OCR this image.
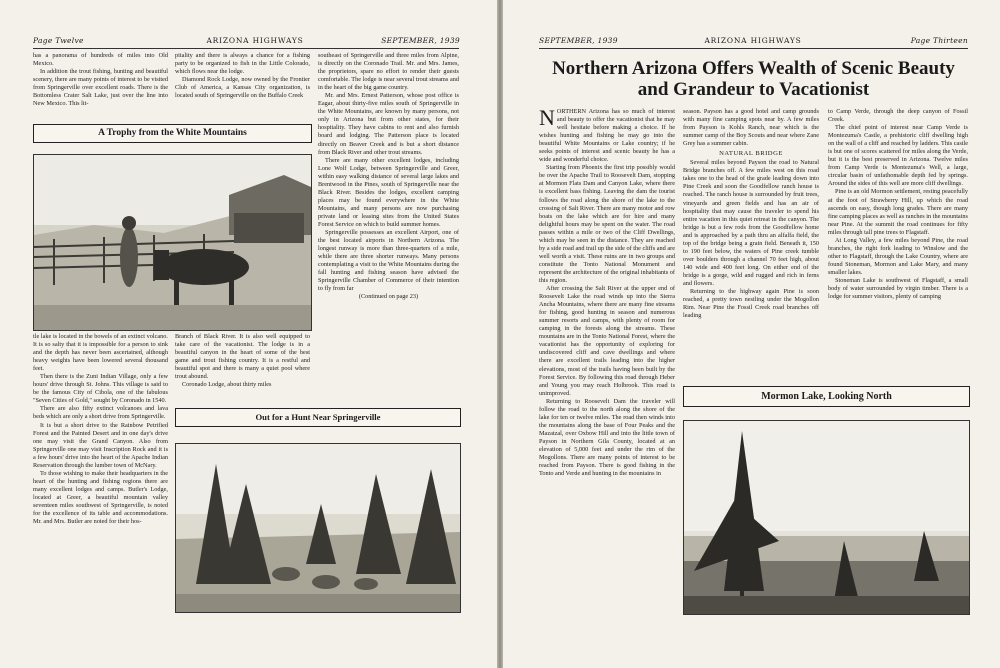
Page Twelve	ARIZONA HIGHWAYS	SEPTEMBER, 1939

has a panorama of hundreds of miles into Old Mexico.

In addition the trout fishing, hunting and beautiful scenery, there are many points of interest to be visited from Springerville over excellent roads. There is the Bottomless Crater Salt Lake, just over the line into New Mexico. This lit-

pitality and there is always a chance for a fishing party to be organized to fish in the Little Colorado, which flows near the lodge.

Diamond Rock Lodge, now owned by the Frontier Club of America, a Kansas City organization, is located south of Springerville on the Buffalo Creek

A Trophy from the White Mountains

tle lake is located in the bowels of an extinct volcano. It is so salty that it is impossible for a person to sink and the depth has never been ascertained, although heavy weights have been lowered several thousand feet.

Then there is the Zuni Indian Village, only a few hours' drive through St. Johns. This village is said to be the famous City of Cibola, one of the fabulous "Seven Cities of Gold," sought by Coronado in 1540.

There are also fifty extinct volcanoes and lava beds which are only a short drive from Springerville.

It is but a short drive to the Rainbow Petrified Forest and the Painted Desert and in one day's drive one may visit the Grand Canyon. Also from Springerville one may visit Inscription Rock and it is a few hours' drive into the heart of the Apache Indian Reservation through the lumber town of McNary.

To those wishing to make their headquarters in the heart of the hunting and fishing regions there are many excellent lodges and camps. Butler's Lodge, located at Greer, a beautiful mountain valley seventeen miles southwest of Springerville, is noted for the excellence of its table and accommodations. Mr. and Mrs. Butler are noted for their hos-

Branch of Black River. It is also well equipped to take care of the vacationist. The lodge is in a beautiful canyon in the heart of some of the best game and trout fishing country. It is a restful and beautiful spot and there is many a quiet pool where trout abound.

Coronado Lodge, about thirty miles

southeast of Springerville and three miles from Alpine, is directly on the Coronado Trail. Mr. and Mrs. James, the proprietors, spare no effort to render their guests comfortable. The lodge is near several trout streams and in the heart of the big game country.

Mr. and Mrs. Ernest Patterson, whose post office is Eagar, about thirty-five miles south of Springerville in the White Mountains, are known by many persons, not only in Arizona but from other states, for their hospitality. They have cabins to rent and also furnish board and lodging. The Patterson place is located directly on Beaver Creek and is but a short distance from Black River and other trout streams.

There are many other excellent lodges, including Lone Wolf Lodge, between Springerville and Greer, within easy walking distance of several large lakes and Brentwood in the Pines, south of Springerville near the Black River. Besides the lodges, excellent camping places may be found everywhere in the White Mountains, and many persons are now purchasing private land or leasing sites from the United States Forest Service on which to build summer homes.

Springerville possesses an excellent Airport, one of the best located airports in Northern Arizona. The longest runway is more than three-quarters of a mile, while there are three shorter runways. Many persons contemplating a visit to the White Mountains during the fall hunting and fishing season have advised the Springerville Chamber of Commerce of their intention to fly from far

(Continued on page 23)

Out for a Hunt Near Springerville
SEPTEMBER, 1939	ARIZONA HIGHWAYS	Page Thirteen
Northern Arizona Offers Wealth of Scenic Beauty and Grandeur to Vacationist

NORTHERN Arizona has so much of interest and beauty to offer the vacationist that he may well hesitate before making a choice. If he wishes hunting and fishing he may go into the beautiful White Mountains or Lake country; if he seeks points of interest and scenic beauty he has a wide and wonderful choice.

Starting from Phoenix the first trip possibly would be over the Apache Trail to Roosevelt Dam, stopping at Mormon Flats Dam and Canyon Lake, where there is excellent bass fishing. Leaving the dam the tourist follows the road along the shore of the lake to the crossing of Salt River. There are many motor and row boats on the lake which are for hire and many delightful hours may be spent on the water. The road passes within a mile or two of the Cliff Dwellings, which may be seen in the distance. They are reached by a side road and trail up the side of the cliffs and are well worth a visit. These ruins are in two groups and constitute the Tonto National Monument and represent the architecture of the original inhabitants of this region.

After crossing the Salt River at the upper end of Roosevelt Lake the road winds up into the Sierra Ancha Mountains, where there are many fine streams for fishing, good hunting in season and numerous summer resorts and camps, with plenty of room for camping in the forests along the streams. These mountains are in the Tonto National Forest, where the vacationist has the opportunity of exploring for undiscovered cliff and cave dwellings and where there are excellent trails leading into the higher elevations, most of the trails having been built by the Forest Service. By following this road through Heber and Young you may reach Holbrook. This road is unimproved.

Returning to Roosevelt Dam the traveler will follow the road to the north along the shore of the lake for ten or twelve miles. The road then winds into the mountains along the base of Four Peaks and the Mazatzal, over Oxbow Hill and into the little town of Payson in Northern Gila County, located at an elevation of 5,000 feet and under the rim of the Mogollons. There are many points of interest to be reached from Payson. There is good fishing in the Tonto and Verde and hunting in the mountains in

season. Payson has a good hotel and camp grounds with many fine camping spots near by. A few miles from Payson is Kohls Ranch, near which is the summer camp of the Boy Scouts and near where Zane Grey has a summer cabin.

NATURAL BRIDGE

Several miles beyond Payson the road to Natural Bridge branches off. A few miles west on this road takes one to the head of the grade leading down into Pine Creek and soon the Goodfellow ranch house is reached. The ranch house is surrounded by fruit trees, vineyards and green fields and has an air of hospitality that may cause the traveler to spend his entire vacation in this quiet retreat in the canyon. The bridge is but a few rods from the Goodfellow home and is approached by a path thru an alfalfa field, the top of the bridge being a grain field. Beneath it, 150 to 190 feet below, the waters of Pine creek tumble over boulders through a channel 70 feet high, about 140 wide and 400 feet long. On either end of the bridge is a gorge, wild and rugged and rich in ferns and flowers.

Returning to the highway again Pine is soon reached, a pretty town nestling under the Mogollon Rim. Near Pine the Fossil Creek road branches off leading

to Camp Verde, through the deep canyon of Fossil Creek.

The chief point of interest near Camp Verde is Montezuma's Castle, a prehistoric cliff dwelling high on the wall of a cliff and reached by ladders. This castle is but one of scores scattered for miles along the Verde, but it is the best preserved in Arizona. Twelve miles from Camp Verde is Montezuma's Well, a large, circular basin of unfathomable depth fed by springs. Around the sides of this well are more cliff dwellings.

Pine is an old Mormon settlement, resting peacefully at the foot of Strawberry Hill, up which the road ascends on easy, though long grades. There are many fine camping places as well as ranches in the mountains near Pine. At the summit the road continues for fifty miles through tall pine trees to Flagstaff.

At Long Valley, a few miles beyond Pine, the road branches, the right fork leading to Winslow and the other to Flagstaff, through the Lake Country, where are found Stoneman, Mormon and Lake Mary, and many smaller lakes.

Stoneman Lake is southwest of Flagstaff, a small body of water surrounded by virgin timber. There is a lodge for summer visitors, plenty of camping

Mormon Lake, Looking North
